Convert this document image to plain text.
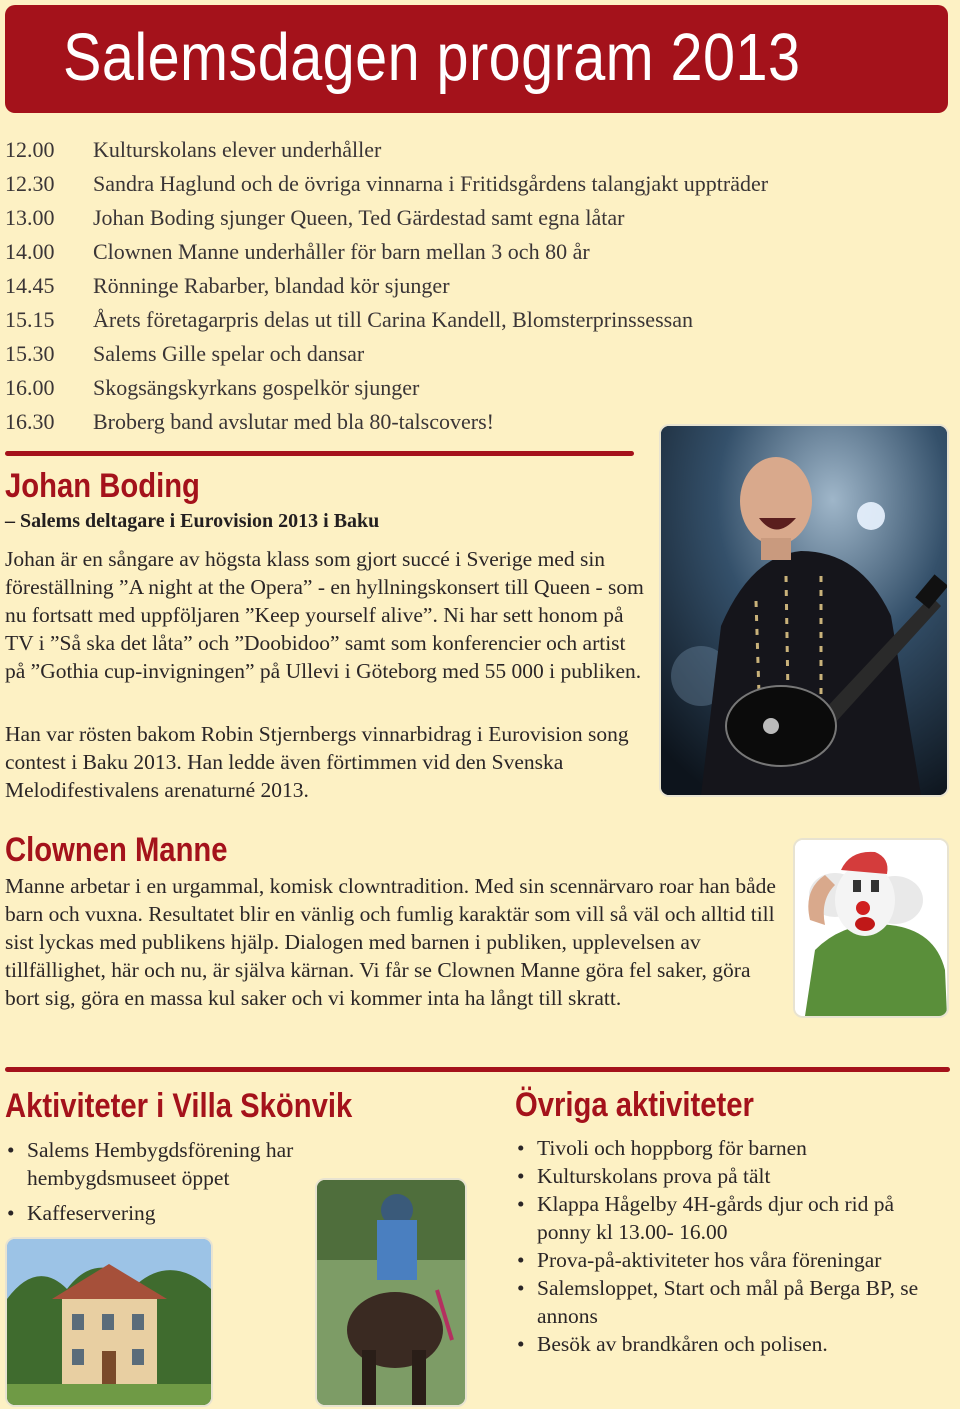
Salemsdagen program 2013
12.00 Kulturskolans elever underhåller
12.30 Sandra Haglund och de övriga vinnarna i Fritidsgårdens talangjakt uppträder
13.00 Johan Boding sjunger Queen, Ted Gärdestad samt egna låtar
14.00 Clownen Manne underhåller för barn mellan 3 och 80 år
14.45 Rönninge Rabarber, blandad kör sjunger
15.15 Årets företagarpris delas ut till Carina Kandell, Blomsterprinssessan
15.30 Salems Gille spelar och dansar
16.00 Skogsängskyrkans gospelkör sjunger
16.30 Broberg band avslutar med bla 80-talscovers!
Johan Boding
– Salems deltagare i Eurovision 2013 i Baku

Johan är en sångare av högsta klass som gjort succé i Sverige med sin föreställning ”A night at the Opera” - en hyllningskonsert till Queen - som nu fortsatt med uppföljaren ”Keep yourself alive”. Ni har sett honom på TV i ”Så ska det låta” och ”Doobidoo” samt som konferencier och artist på ”Gothia cup-invigningen” på Ullevi i Göteborg med 55 000 i publiken.

Han var rösten bakom Robin Stjernbergs vinnarbidrag i Eurovision song contest i Baku 2013. Han ledde även förtimmen vid den Svenska Melodifestivalens arenaturné 2013.

Clownen Manne

Manne arbetar i en urgammal, komisk clowntradition. Med sin scennärvaro roar han både barn och vuxna. Resultatet blir en vänlig och fumlig karaktär som vill så väl och alltid till sist lyckas med publikens hjälp. Dialogen med barnen i publiken, upplevelsen av tillfällighet, här och nu, är själva kärnan. Vi får se Clownen Manne göra fel saker, göra bort sig, göra en massa kul saker och vi kommer inta ha långt till skratt.

Aktiviteter i Villa Skönvik
• Salems Hembygdsförening har hembygdsmuseet öppet
• Kaffeservering
Övriga aktiviteter
• Tivoli och hoppborg för barnen
• Kulturskolans prova på tält
• Klappa Hågelby 4H-gårds djur och rid på ponny kl 13.00- 16.00
• Prova-på-aktiviteter hos våra föreningar
• Salemsloppet, Start och mål på Berga BP, se annons
• Besök av brandkåren och polisen.
